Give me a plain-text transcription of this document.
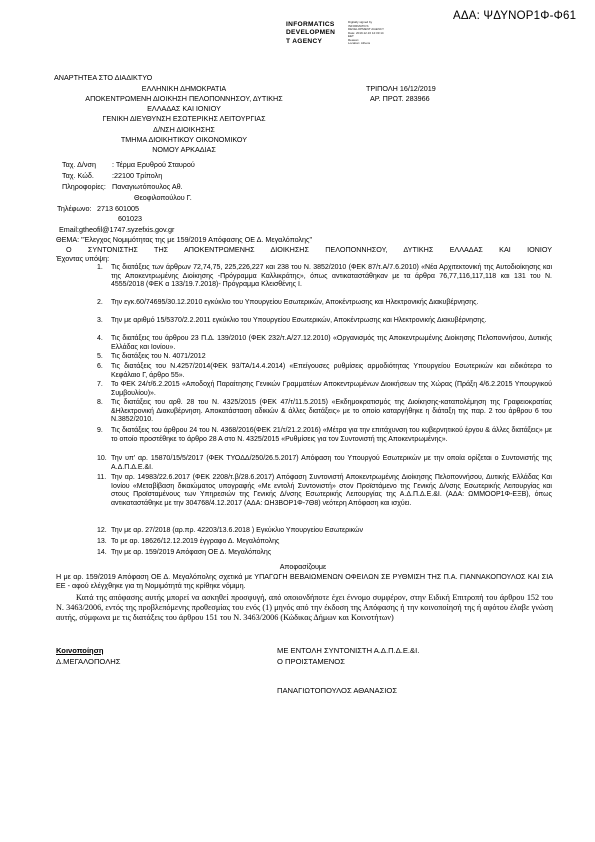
ΑΔΑ: ΨΔΥΝΟΡ1Φ-Φ61
INFORMATICS
DEVELOPMEN
T AGENCY
Digitally signed by
INFORMATICS
DEVELOPMENT AGENCY
Date: 2019.12.16 12:33:14
EET
Reason:
Location: Athens
ΑΝΑΡΤΗΤΕΑ ΣΤΟ ΔΙΑΔΙΚΤΥΟ
ΕΛΛΗΝΙΚΗ ΔΗΜΟΚΡΑΤΙΑ
ΑΠΟΚΕΝΤΡΩΜΕΝΗ ΔΙΟΙΚΗΣΗ ΠΕΛΟΠΟΝΝΗΣΟΥ, ΔΥΤΙΚΗΣ
ΕΛΛΑΔΑΣ ΚΑΙ ΙΟΝΙΟΥ
ΓΕΝΙΚΗ ΔΙΕΥΘΥΝΣΗ ΕΣΩΤΕΡΙΚΗΣ ΛΕΙΤΟΥΡΓΙΑΣ
Δ/ΝΣΗ ΔΙΟΙΚΗΣΗΣ
ΤΜΗΜΑ ΔΙΟΙΚΗΤΙΚΟΥ ΟΙΚΟΝΟΜΙΚΟΥ
ΝΟΜΟΥ ΑΡΚΑΔΙΑΣ
ΤΡΙΠΟΛΗ 16/12/2019
ΑΡ. ΠΡΩΤ. 283966
Ταχ. Δ/νση : Τέρμα Ερυθρού Σταυρού
Ταχ. Κώδ.	:22100 Τρίπολη
Πληροφορίες: Παναγιωτόπουλος Αθ.
Θεοφιλοπούλου Γ.
Τηλέφωνο: 2713 601005
601023
Email:gtheofil@1747.syzefxis.gov.gr
ΘΕΜΑ: "Έλεγχος Νομιμότητας της με 159/2019 Απόφασης ΟΕ Δ. Μεγαλόπολης"
Ο ΣΥΝΤΟΝΙΣΤΗΣ ΤΗΣ ΑΠΟΚΕΝΤΡΩΜΕΝΗΣ ΔΙΟΙΚΗΣΗΣ ΠΕΛΟΠΟΝΝΗΣΟΥ, ΔΥΤΙΚΗΣ ΕΛΛΑΔΑΣ ΚΑΙ ΙΟΝΙΟΥ
Έχοντας υπόψη:
1. Τις διατάξεις των άρθρων 72,74,75, 225,226,227 και 238 του Ν. 3852/2010 (ΦΕΚ 87/τ.Α/7.6.2010) «Νέα Αρχιτεκτονική της Αυτοδιοίκησης και της Αποκεντρωμένης Διοίκησης -Πρόγραμμα Καλλικράτης», όπως αντικαταστάθηκαν με τα άρθρα 76,77,116,117,118 και 131 του Ν. 4555/2018 (ΦΕΚ α 133/19.7.2018)- Πρόγραμμα Κλεισθένης Ι.
2. Την εγκ.60/74695/30.12.2010 εγκύκλιο του Υπουργείου Εσωτερικών, Αποκέντρωσης και Ηλεκτρονικής Διακυβέρνησης.
3. Την με αριθμό 15/5370/2.2.2011 εγκύκλιο του Υπουργείου Εσωτερικών, Αποκέντρωσης και Ηλεκτρονικής Διακυβέρνησης.
4. Τις διατάξεις του άρθρου 23 Π.Δ. 139/2010 (ΦΕΚ 232/τ.Α/27.12.2010) «Οργανισμός της Αποκεντρωμένης Διοίκησης Πελοποννήσου, Δυτικής Ελλάδας και Ιονίου».
5. Τις διατάξεις του Ν. 4071/2012
6. Τις διατάξεις του Ν.4257/2014(ΦΕΚ 93/ΤΑ/14.4.2014) «Επείγουσες ρυθμίσεις αρμοδιότητας Υπουργείου Εσωτερικών και ειδικότερα το Κεφάλαιο Γ, άρθρο 55».
7. Το ΦΕΚ 24/τ/6.2.2015 «Αποδοχή Παραίτησης Γενικών Γραμματέων Αποκεντρωμένων Διοικήσεων της Χώρας (Πράξη 4/6.2.2015 Υπουργικού Συμβουλίου)».
8. Τις διατάξεις του αρθ. 28 του Ν. 4325/2015 (ΦΕΚ 47/τ/11.5.2015) «Εκδημοκρατισμός της Διοίκησης-καταπολέμηση της Γραφειοκρατίας &Ηλεκτρονική Διακυβέρνηση. Αποκατάσταση αδικιών & άλλες διατάξεις» με το οποίο καταργήθηκε η διάταξη της παρ. 2 του άρθρου 6 του Ν.3852/2010.
9. Τις διατάξεις του άρθρου 24 του Ν. 4368/2016(ΦΕΚ 21/τ/21.2.2016) «Μέτρα για την επιτάχυνση του κυβερνητικού έργου & άλλες διατάξεις» με το οποίο προστέθηκε το άρθρο 28 Α στο Ν. 4325/2015 «Ρυθμίσεις για τον Συντονιστή της Αποκεντρωμένης».
10. Την υπ' αρ. 15870/15/5/2017 (ΦΕΚ ΤΥΟΔΔ/250/26.5.2017) Απόφαση του Υπουργού Εσωτερικών με την οποία ορίζεται ο Συντονιστής της Α.Δ.Π.Δ.Ε.&Ι.
11. Την αρ. 14983/22.6.2017 (ΦΕΚ 2208/τ.β/28.6.2017) Απόφαση Συντονιστή Αποκεντρωμένης Διοίκησης Πελοποννήσου, Δυτικής Ελλάδας Και Ιονίου «Μεταβίβαση δικαιώματος υπογραφής «Με εντολή Συντονιστή» στον Προϊστάμενο της Γενικής Δ/νσης Εσωτερικής Λειτουργίας και στους Προϊσταμένους των Υπηρεσιών της Γενικής Δ/νσης Εσωτερικής Λειτουργίας της Α.Δ.Π.Δ.Ε.&Ι. (ΑΔΑ: ΩΜΜΟΟΡ1Φ-ΕΞΒ), όπως αντικαταστάθηκε με την 304768/4.12.2017 (ΑΔΑ: ΩΗ3ΒΟΡ1Φ-7Θ8) νεότερη Απόφαση και ισχύει.
12. Την με αρ. 27/2018 (αρ.πρ. 42203/13.6.2018 ) Εγκύκλιο Υπουργείου Εσωτερικών
13. Το με αρ. 18626/12.12.2019 έγγραφο Δ. Μεγαλόπολης
14. Την με αρ. 159/2019 Απόφαση ΟΕ Δ. Μεγαλόπολης
Αποφασίζουμε
Η με αρ. 159/2019 Απόφαση ΟΕ Δ. Μεγαλόπολης σχετικά με ΥΠΑΓΩΓΗ ΒΕΒΑΙΩΜΕΝΩΝ ΟΦΕΙΛΩΝ ΣΕ ΡΥΘΜΙΣΗ ΤΗΣ Π.Α. ΓΙΑΝΝΑΚΟΠΟΥΛΟΣ ΚΑΙ ΣΙΑ ΕΕ - αφού ελέγχθηκε για τη Νομιμότητά της κρίθηκε νόμιμη.
Κατά της απόφασης αυτής μπορεί να ασκηθεί προσφυγή, από οποιονδήποτε έχει έννομο συμφέρον, στην Ειδική Επιτροπή του άρθρου 152 του Ν. 3463/2006, εντός της προβλεπόμενης προθεσμίας του ενός (1) μηνός από την έκδοση της Απόφασης ή την κοινοποίησή της ή αφότου έλαβε γνώση αυτής, σύμφωνα με τις διατάξεις του άρθρου 151 του Ν. 3463/2006 (Κώδικας Δήμων και Κοινοτήτων)
Κοινοποίηση
Δ.ΜΕΓΑΛΟΠΟΛΗΣ
ΜΕ ΕΝΤΟΛΗ ΣΥΝΤΟΝΙΣΤΗ Α.Δ.Π.Δ.Ε.&Ι.
Ο ΠΡΟΙΣΤΑΜΕΝΟΣ
ΠΑΝΑΓΙΩΤΟΠΟΥΛΟΣ ΑΘΑΝΑΣΙΟΣ
